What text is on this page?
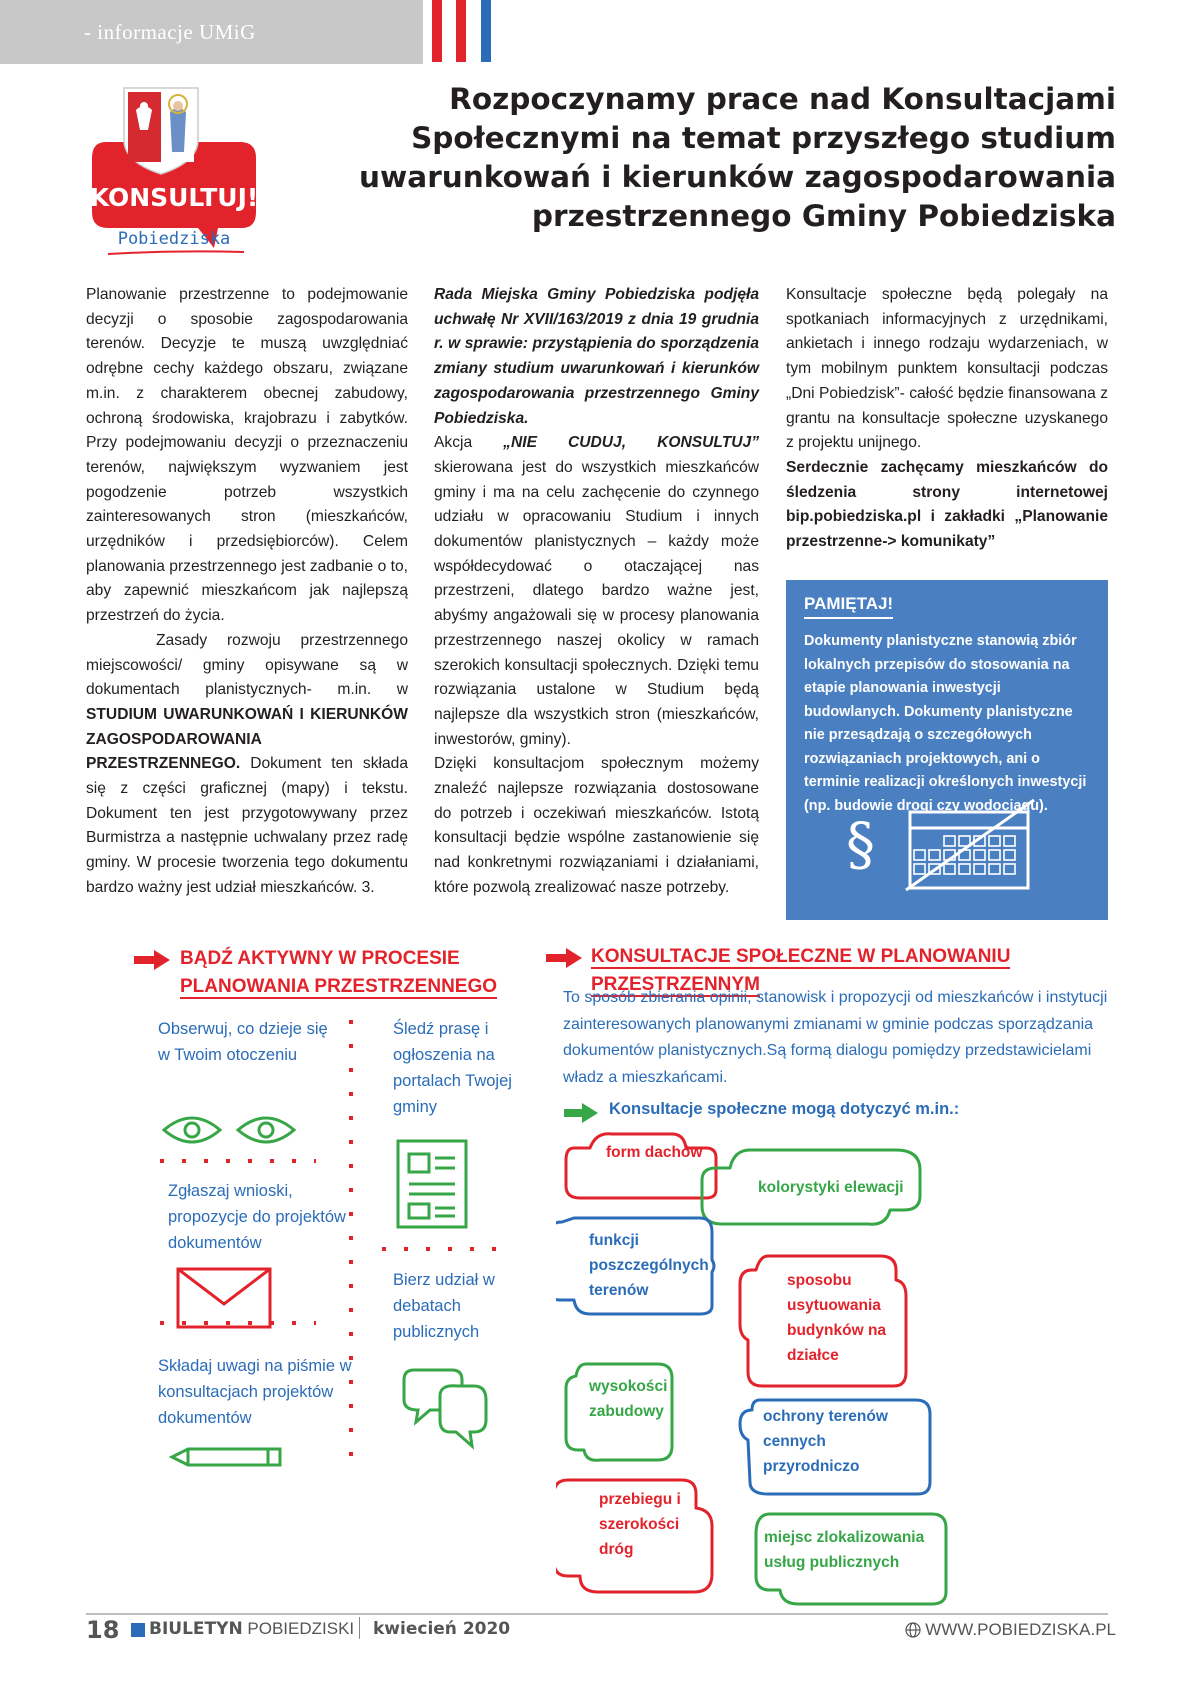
- informacje UMiG
KONSULTUJ!
Pobiedziska
Rozpoczynamy prace nad Konsultacjami
Społecznymi na temat przyszłego studium
uwarunkowań i kierunków zagospodarowania
przestrzennego Gminy Pobiedziska

Planowanie przestrzenne to podejmowanie decyzji o sposobie zagospodarowania terenów. Decyzje te muszą uwzględniać odrębne cechy każdego obszaru, związane m.in. z charakterem obecnej zabudowy, ochroną środowiska, krajobrazu i zabytków. Przy podejmowaniu decyzji o przeznaczeniu terenów, największym wyzwaniem jest pogodzenie potrzeb wszystkich zainteresowanych stron (mieszkańców, urzędników i przedsiębiorców). Celem planowania przestrzennego jest zadbanie o to, aby zapewnić mieszkańcom jak najlepszą przestrzeń do życia.

Zasady rozwoju przestrzennego miejscowości/ gminy opisywane są w dokumentach planistycznych- m.in. w STUDIUM UWARUNKOWAŃ I KIERUNKÓW ZAGOSPODAROWANIA PRZESTRZENNEGO. Dokument ten składa się z części graficznej (mapy) i tekstu. Dokument ten jest przygotowywany przez Burmistrza a następnie uchwalany przez radę gminy. W procesie tworzenia tego dokumentu bardzo ważny jest udział mieszkańców. 3.

Rada Miejska Gminy Pobiedziska podjęła uchwałę Nr XVII/163/2019 z dnia 19 grudnia r. w sprawie: przystąpienia do sporządzenia zmiany studium uwarunkowań i kierunków zagospodarowania przestrzennego Gminy Pobiedziska.

Akcja „NIE CUDUJ, KONSULTUJ” skierowana jest do wszystkich mieszkańców gminy i ma na celu zachęcenie do czynnego udziału w opracowaniu Studium i innych dokumentów planistycznych – każdy może współdecydować o otaczającej nas przestrzeni, dlatego bardzo ważne jest, abyśmy angażowali się w procesy planowania przestrzennego naszej okolicy w ramach szerokich konsultacji społecznych. Dzięki temu rozwiązania ustalone w Studium będą najlepsze dla wszystkich stron (mieszkańców, inwestorów, gminy).

Dzięki konsultacjom społecznym możemy znaleźć najlepsze rozwiązania dostosowane do potrzeb i oczekiwań mieszkańców. Istotą konsultacji będzie wspólne zastanowienie się nad konkretnymi rozwiązaniami i działaniami, które pozwolą zrealizować nasze potrzeby.

Konsultacje społeczne będą polegały na spotkaniach informacyjnych z urzędnikami, ankietach i innego rodzaju wydarzeniach, w tym mobilnym punktem konsultacji podczas „Dni Pobiedzisk”- całość będzie finansowana z grantu na konsultacje społeczne uzyskanego z projektu unijnego.

Serdecznie zachęcamy mieszkańców do śledzenia strony internetowej bip.pobiedziska.pl i zakładki „Planowanie przestrzenne-> komunikaty”

PAMIĘTAJ!
Dokumenty planistyczne stanowią zbiór lokalnych przepisów do stosowania na etapie planowania inwestycji budowlanych. Dokumenty planistyczne nie przesądzają o szczegółowych rozwiązaniach projektowych, ani o terminie realizacji określonych inwestycji (np. budowie drogi czy wodociągu).
§
BĄDŹ AKTYWNY W PROCESIE
PLANOWANIA PRZESTRZENNEGO
Obserwuj, co dzieje się w Twoim otoczeniu
Zgłaszaj wnioski, propozycje do projektów dokumentów
Składaj uwagi na piśmie w konsultacjach projektów dokumentów
Śledź prasę i ogłoszenia na portalach Twojej gminy
Bierz udział w debatach publicznych
KONSULTACJE SPOŁECZNE W PLANOWANIU PRZESTRZENNYM
To sposób zbierania opinii, stanowisk i propozycji od mieszkańców i instytucji zainteresowanych planowanymi zmianami w gminie podczas sporządzania dokumentów planistycznych.Są formą dialogu pomiędzy przedstawicielami władz a mieszkańcami.
Konsultacje społeczne mogą dotyczyć m.in.:
form dachów
kolorystyki elewacji
funkcji poszczególnych terenów
sposobu usytuowania budynków na działce
wysokości zabudowy	ochrony terenów cennych przyrodniczo
przebiegu i szerokości dróg
miejsc zlokalizowania usług publicznych
18 BIULETYN POBIEDZISKI kwiecień 2020	WWW.POBIEDZISKA.PL
